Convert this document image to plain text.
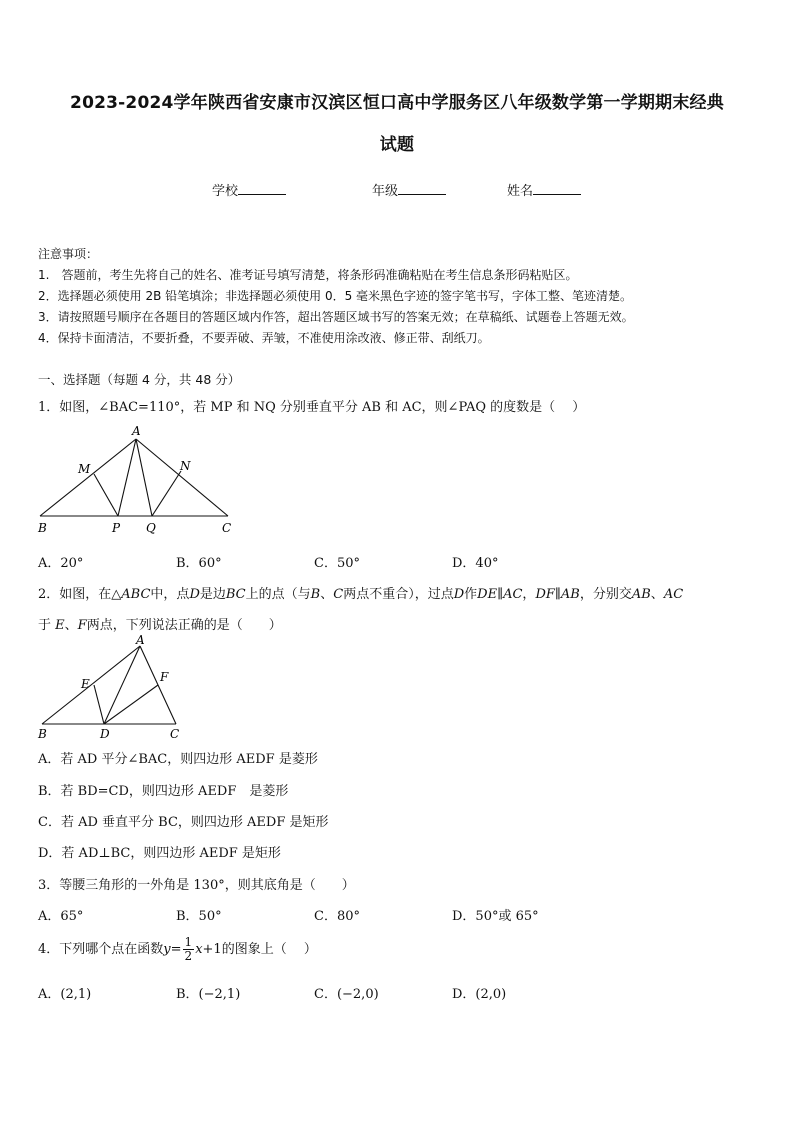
2023-2024学年陕西省安康市汉滨区恒口高中学服务区八年级数学第一学期期末经典
试题
学校	年级	姓名
注意事项：
1.　答题前，考生先将自己的姓名、准考证号填写清楚，将条形码准确粘贴在考生信息条形码粘贴区。
2．选择题必须使用 2B 铅笔填涂；非选择题必须使用 0．5 毫米黑色字迹的签字笔书写，字体工整、笔迹清楚。
3．请按照题号顺序在各题目的答题区域内作答，超出答题区域书写的答案无效；在草稿纸、试题卷上答题无效。
4．保持卡面清洁，不要折叠，不要弄破、弄皱，不准使用涂改液、修正带、刮纸刀。
一、选择题（每题 4 分，共 48 分）
1．如图，∠BAC=110°，若 MP 和 NQ 分别垂直平分 AB 和 AC，则∠PAQ 的度数是（　 ）
A
M	N
B	P Q	C
A．20°	B．60°	C．50°	D．40°
2．如图，在△ABC中，点D是边BC上的点（与B、C两点不重合），过点D作DE∥AC，DF∥AB，分别交AB、AC
于 E、F两点，下列说法正确的是（　　）
A
E	F
B	D	C
A．若 AD 平分∠BAC，则四边形 AEDF 是菱形
B．若 BD=CD，则四边形 AEDF　是菱形
C．若 AD 垂直平分 BC，则四边形 AEDF 是矩形
D．若 AD⊥BC，则四边形 AEDF 是矩形
3．等腰三角形的一外角是 130°，则其底角是（　　）
A．65°	B．50°	C．80°	D．50°或 65°
4．下列哪个点在函数$y= \frac{1}{2} x+1$的图象上（　 ）
A．(2,1)	B．(−2,1)	C．(−2,0)	D．(2,0)
